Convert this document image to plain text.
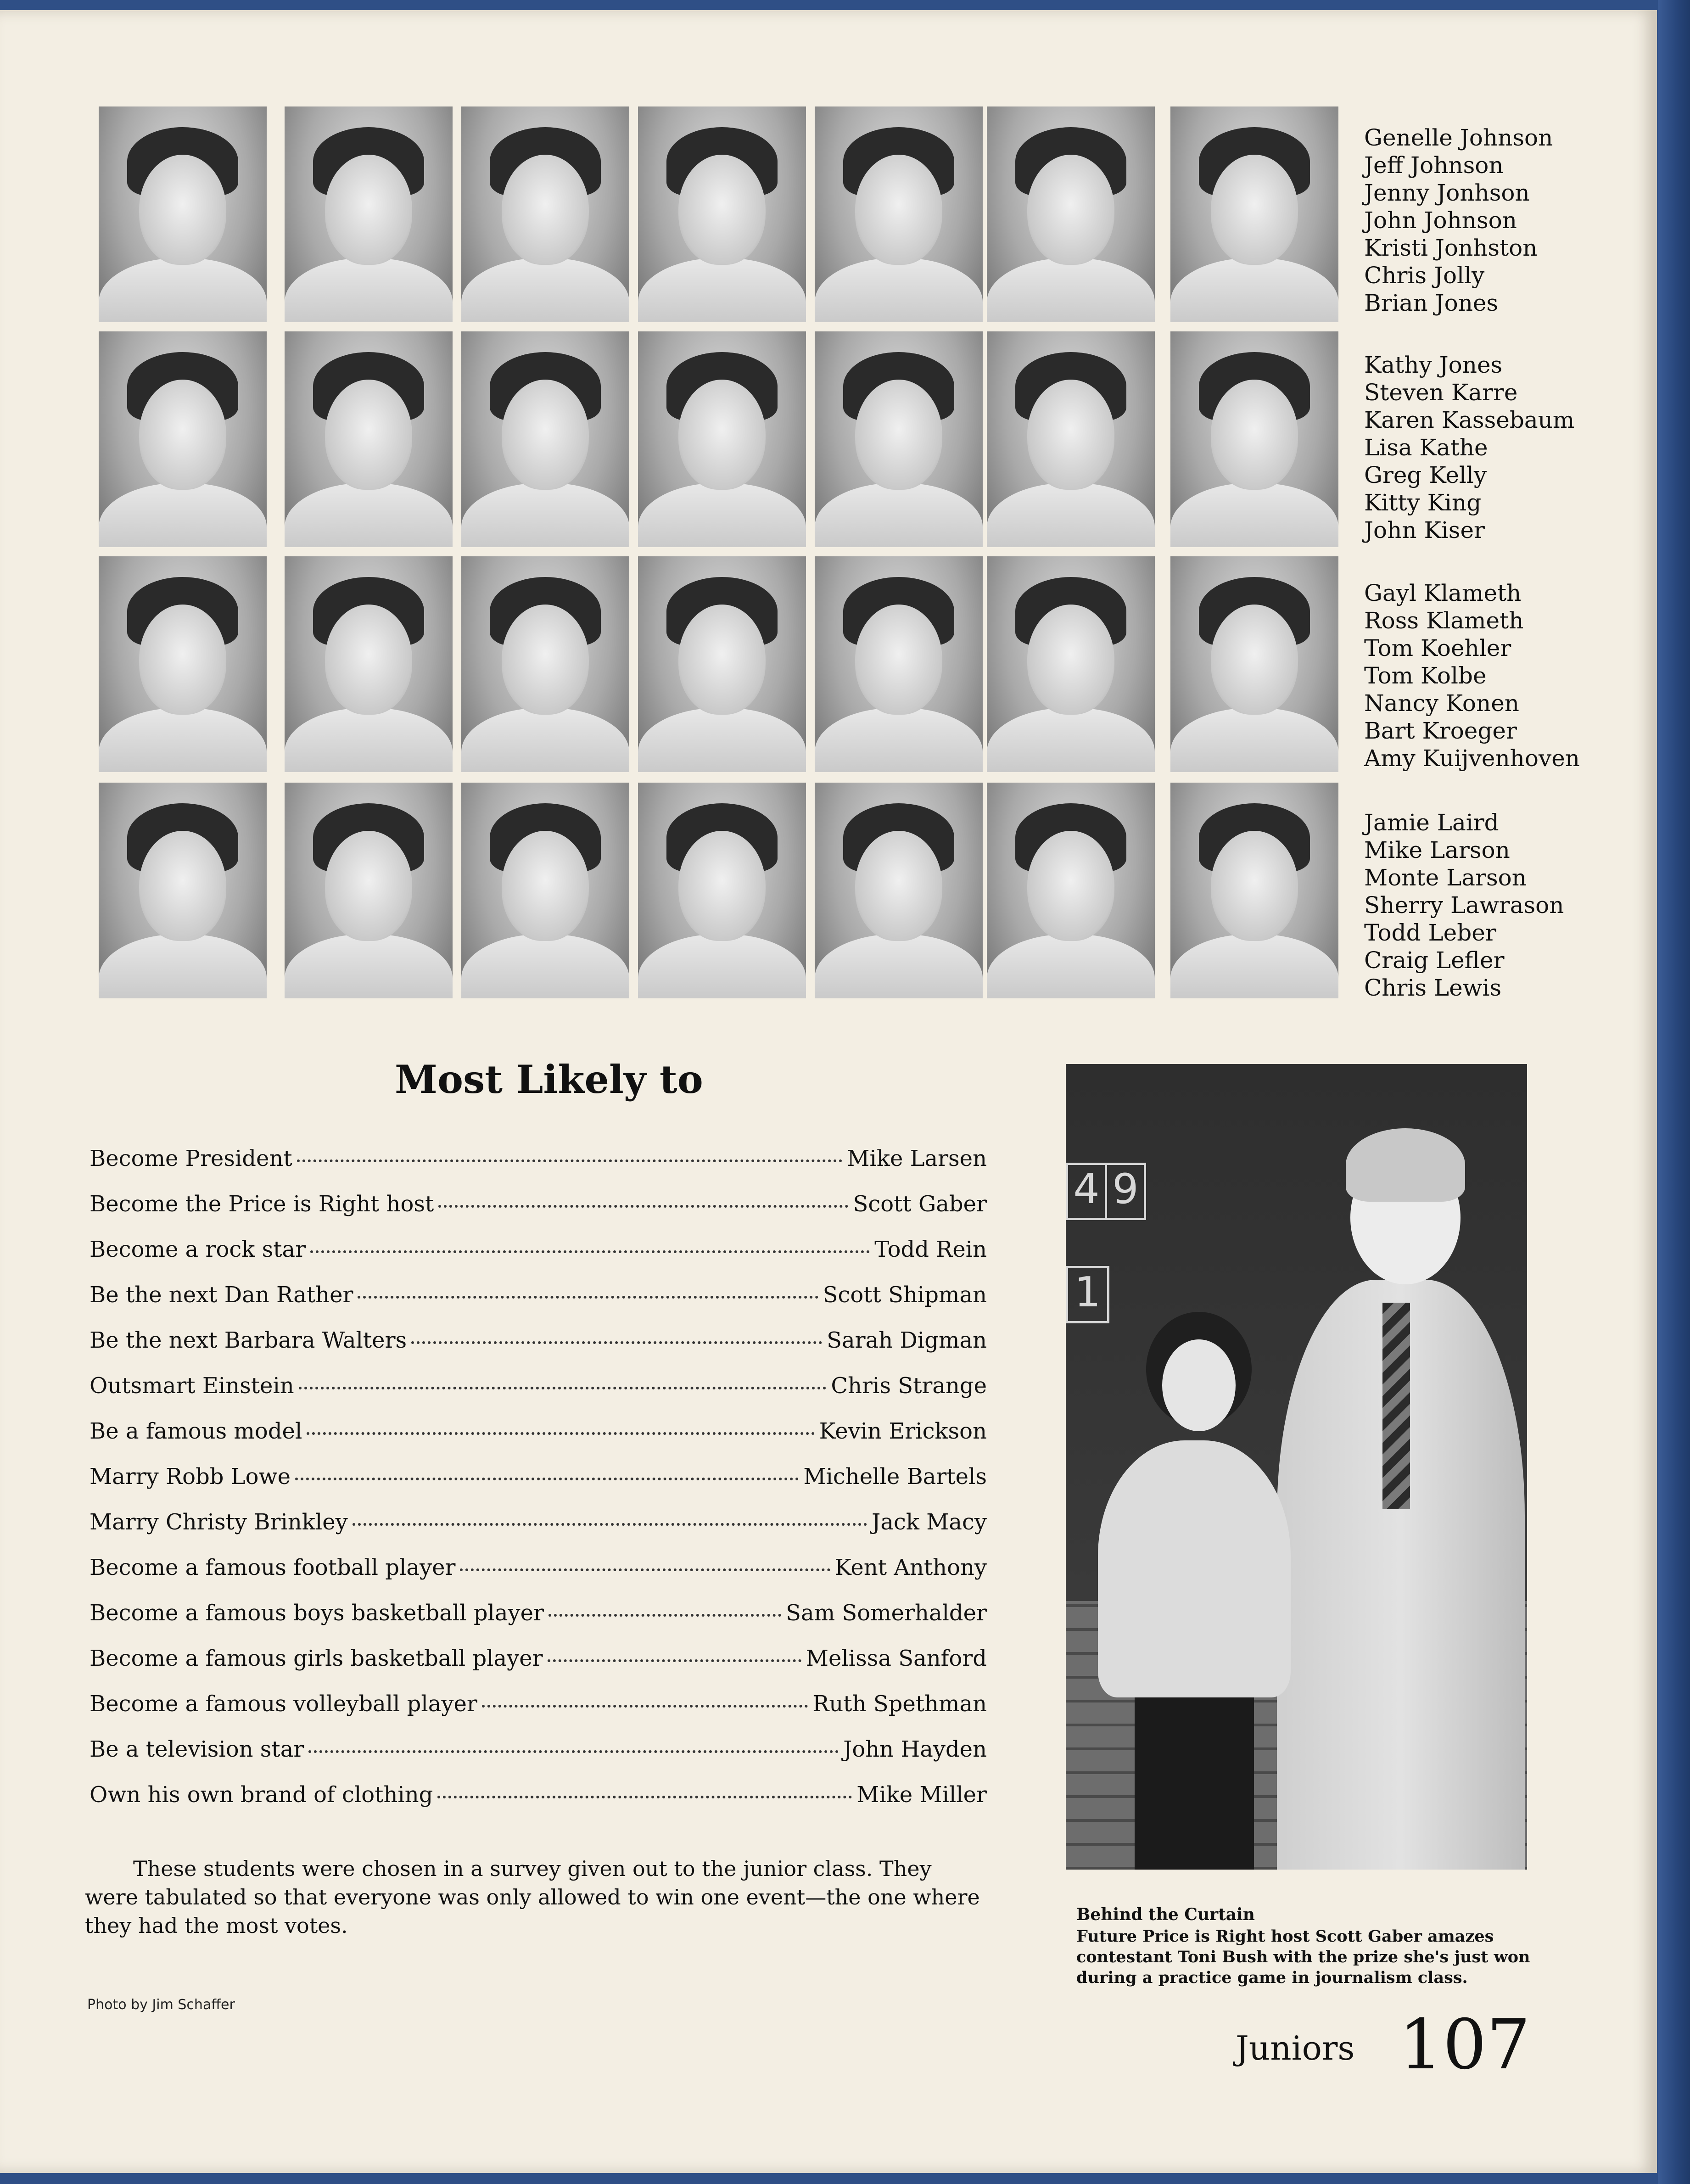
Genelle Johnson
Jeff Johnson
Jenny Jonhson
John Johnson
Kristi Jonhston
Chris Jolly
Brian Jones
Kathy Jones
Steven Karre
Karen Kassebaum
Lisa Kathe
Greg Kelly
Kitty King
John Kiser
Gayl Klameth
Ross Klameth
Tom Koehler
Tom Kolbe
Nancy Konen
Bart Kroeger
Amy Kuijvenhoven
Jamie Laird
Mike Larson
Monte Larson
Sherry Lawrason
Todd Leber
Craig Lefler
Chris Lewis
Most Likely to
Become President	Mike Larsen
Become the Price is Right host	Scott Gaber
Become a rock star	Todd Rein
Be the next Dan Rather	Scott Shipman
Be the next Barbara Walters	Sarah Digman
Outsmart Einstein	Chris Strange
Be a famous model	Kevin Erickson
Marry Robb Lowe	Michelle Bartels
Marry Christy Brinkley	Jack Macy
Become a famous football player	Kent Anthony
Become a famous boys basketball player	Sam Somerhalder
Become a famous girls basketball player	Melissa Sanford
Become a famous volleyball player	Ruth Spethman
Be a television star	John Hayden
Own his own brand of clothing	Mike Miller

These students were chosen in a survey given out to the junior class. They were tabulated so that everyone was only allowed to win one event—the one where they had the most votes.

Photo by Jim Schaffer
4 9
1
Behind the Curtain
Future Price is Right host Scott Gaber amazes contestant Toni Bush with the prize she's just won during a practice game in journalism class.
Juniors 107
